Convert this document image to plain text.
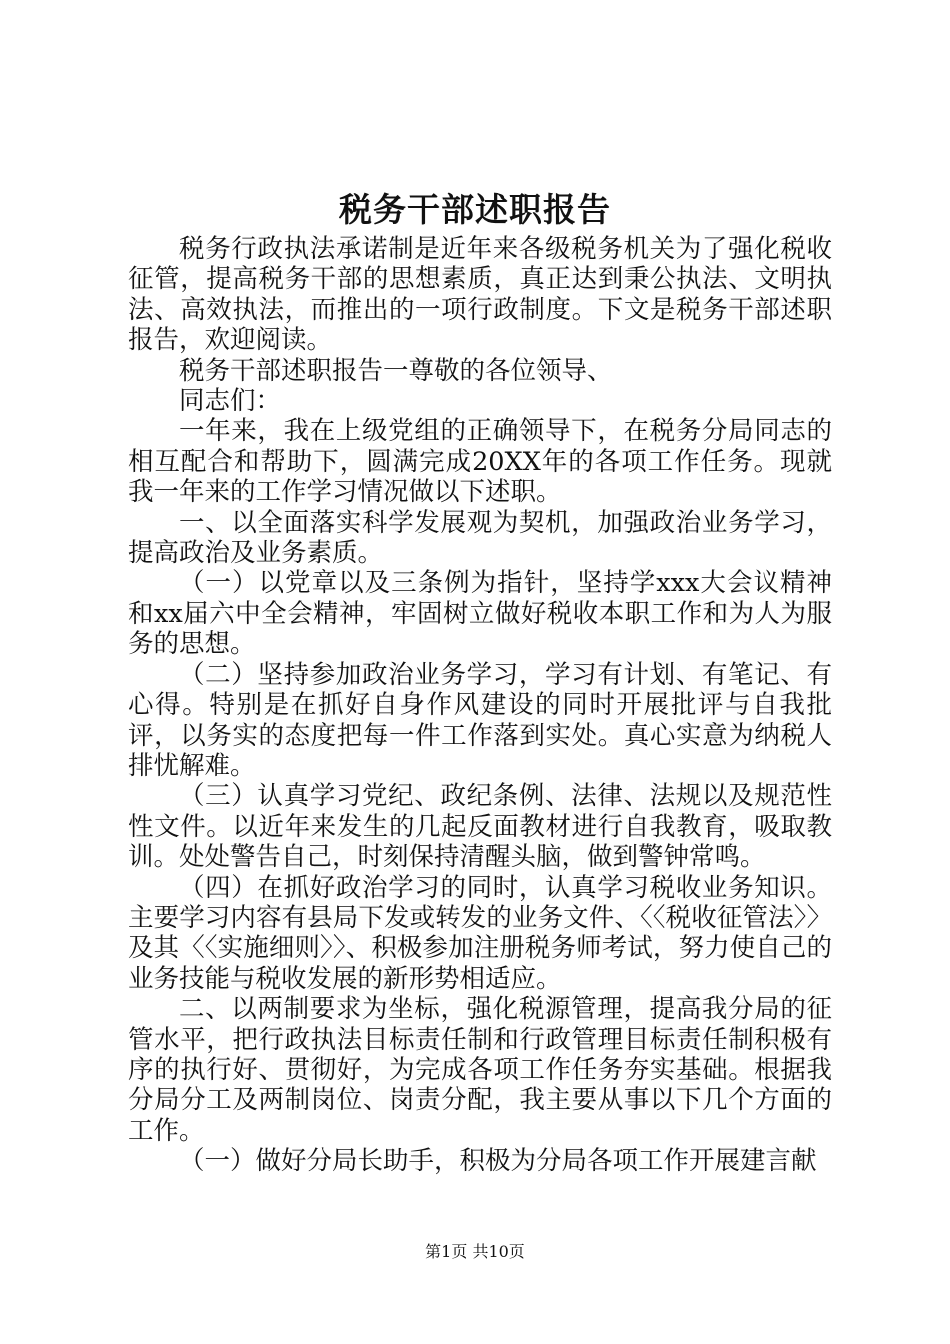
税务干部述职报告

税务行政执法承诺制是近年来各级税务机关为了强化税收征管，提高税务干部的思想素质，真正达到秉公执法、文明执法、高效执法，而推出的一项行政制度。下文是税务干部述职报告，欢迎阅读。

税务干部述职报告一尊敬的各位领导、

同志们：

一年来，我在上级党组的正确领导下，在税务分局同志的相互配合和帮助下，圆满完成20XX年的各项工作任务。现就我一年来的工作学习情况做以下述职。

一、以全面落实科学发展观为契机，加强政治业务学习，提高政治及业务素质。

（一）以党章以及三条例为指针，坚持学xxx大会议精神和xx届六中全会精神，牢固树立做好税收本职工作和为人为服务的思想。

（二）坚持参加政治业务学习，学习有计划、有笔记、有心得。特别是在抓好自身作风建设的同时开展批评与自我批评，以务实的态度把每一件工作落到实处。真心实意为纳税人排忧解难。

（三）认真学习党纪、政纪条例、法律、法规以及规范性性文件。以近年来发生的几起反面教材进行自我教育，吸取教训。处处警告自己，时刻保持清醒头脑，做到警钟常鸣。

（四）在抓好政治学习的同时，认真学习税收业务知识。主要学习内容有县局下发或转发的业务文件、〈〈税收征管法〉〉及其〈〈实施细则〉〉、积极参加注册税务师考试，努力使自己的业务技能与税收发展的新形势相适应。

二、以两制要求为坐标，强化税源管理，提高我分局的征管水平，把行政执法目标责任制和行政管理目标责任制积极有序的执行好、贯彻好，为完成各项工作任务夯实基础。根据我分局分工及两制岗位、岗责分配，我主要从事以下几个方面的工作。

（一）做好分局长助手，积极为分局各项工作开展建言献

第1页 共10页
